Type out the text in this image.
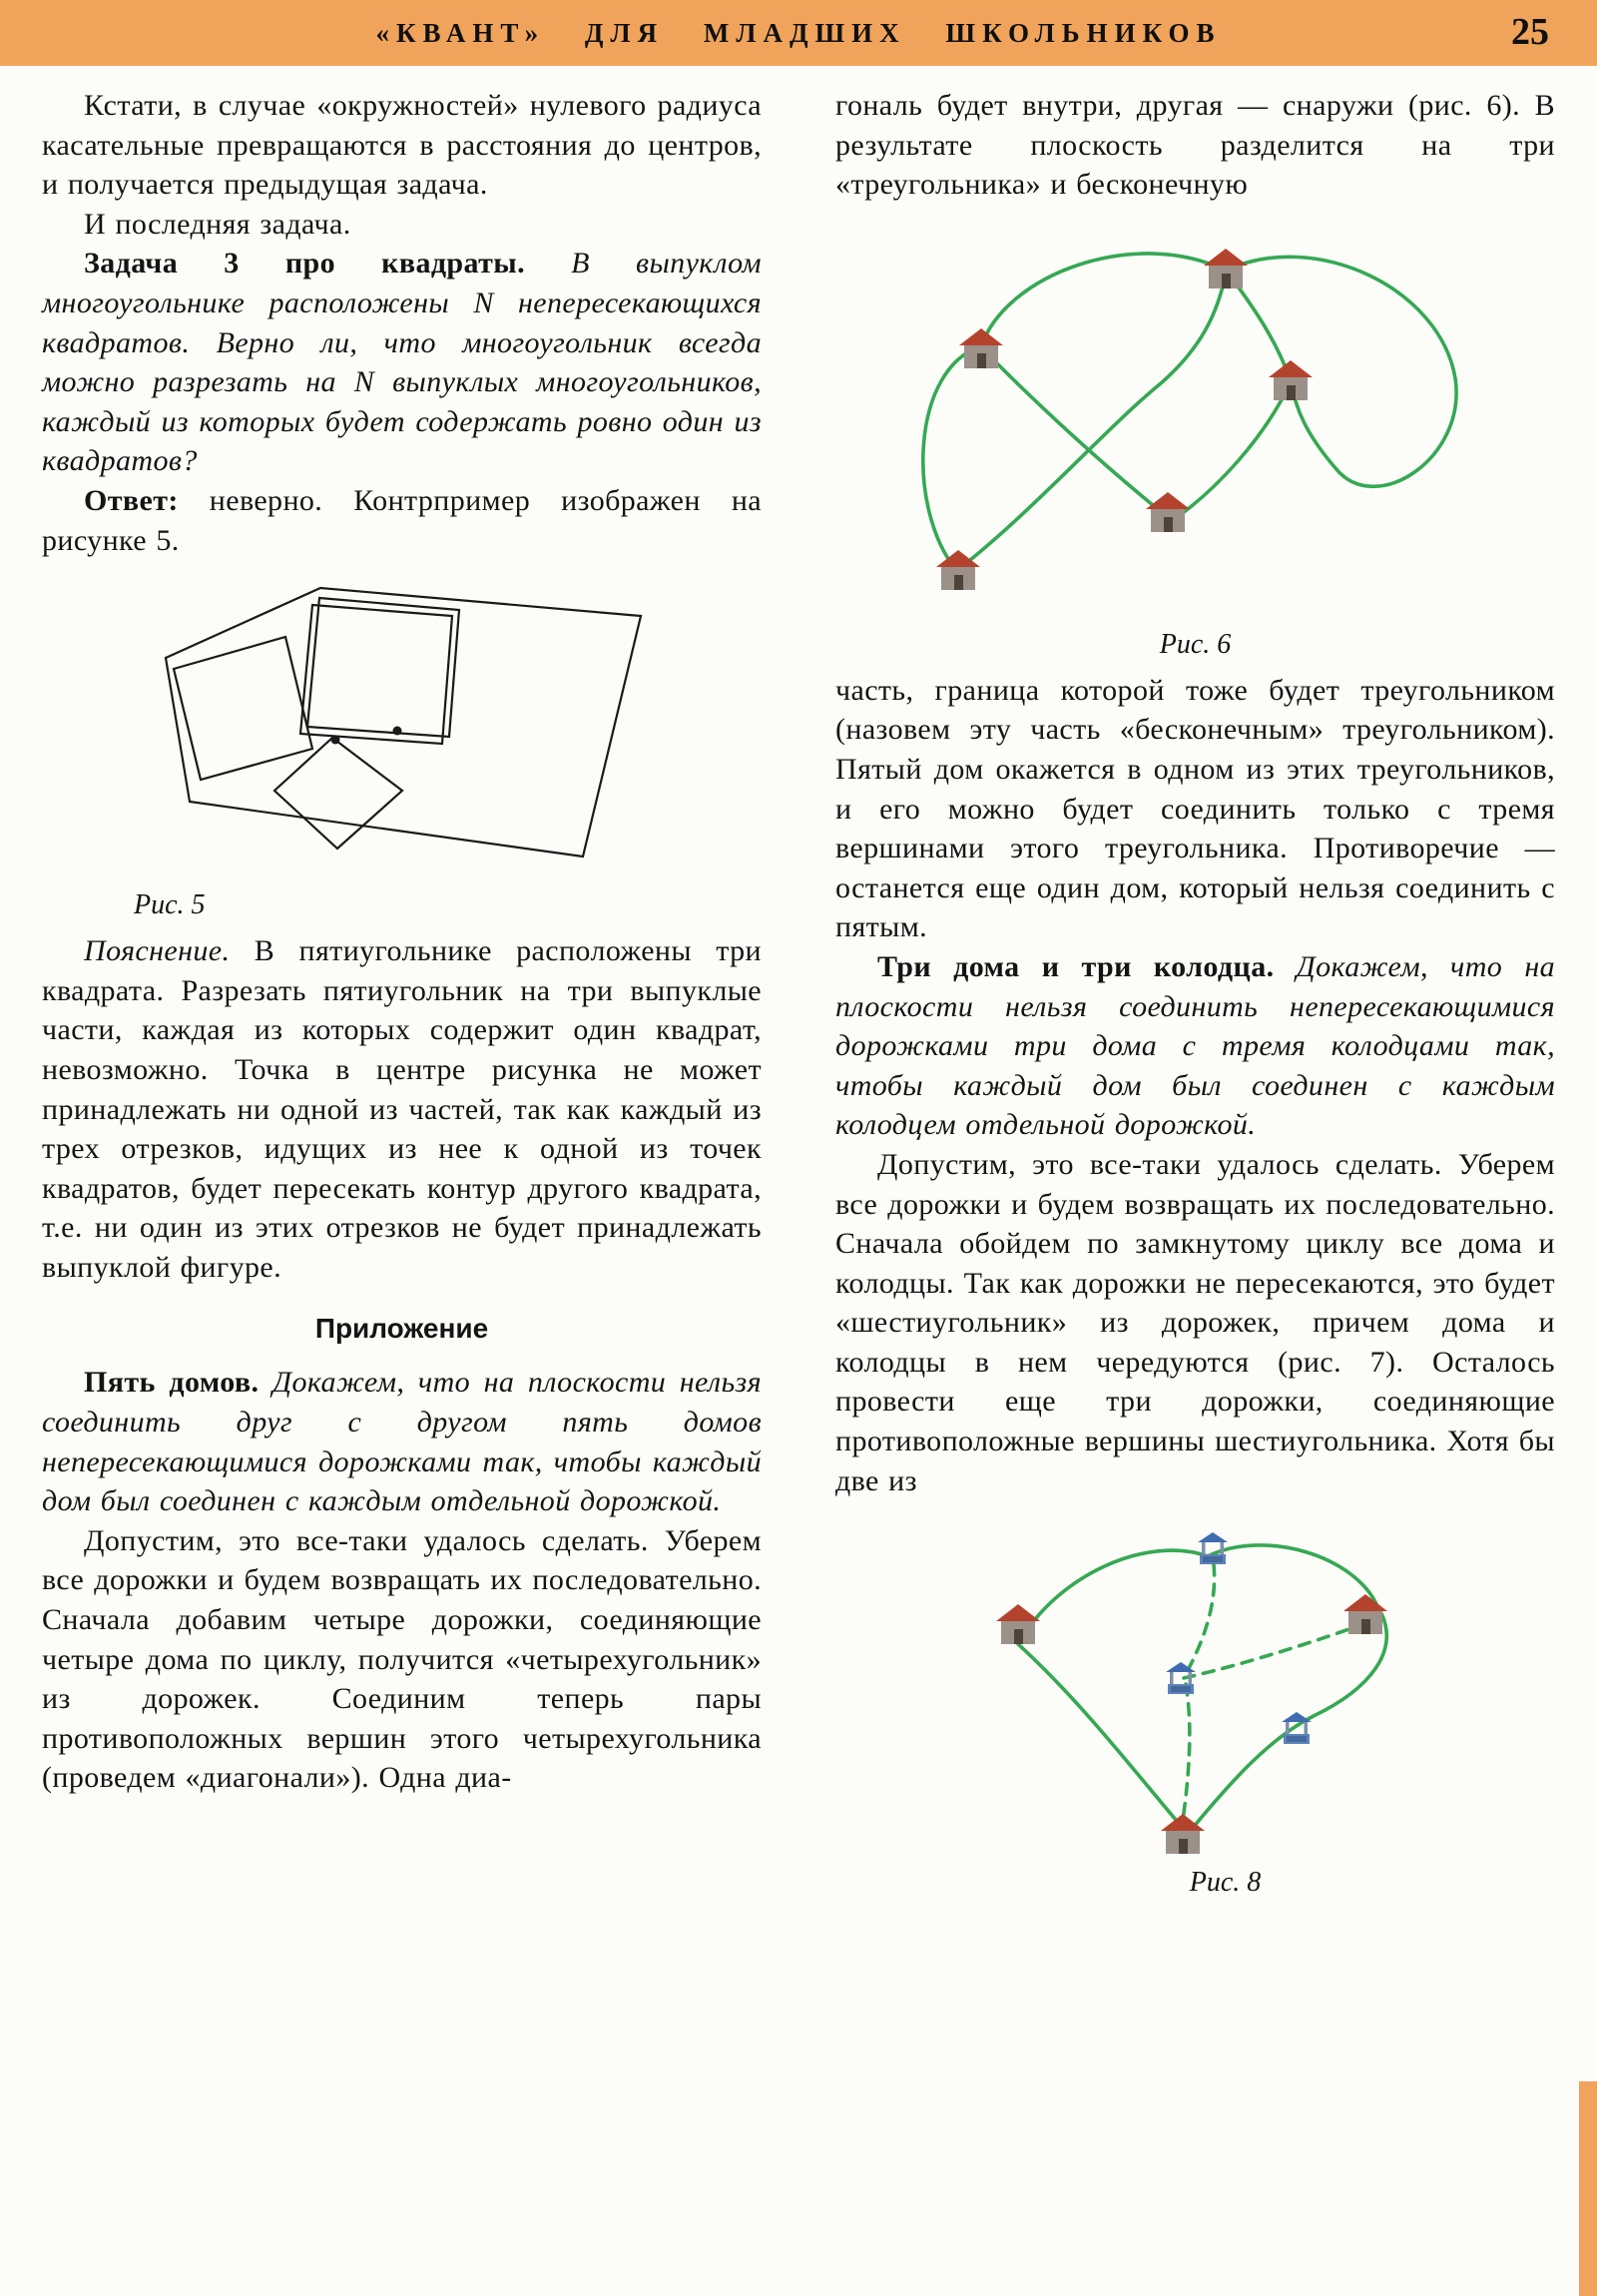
«КВАНТ» ДЛЯ МЛАДШИХ ШКОЛЬНИКОВ	25

Кстати, в случае «окружностей» нулевого радиуса касательные превращаются в расстояния до центров, и получается предыдущая задача.

И последняя задача.

Задача 3 про квадраты. В выпуклом многоугольнике расположены N непересекающихся квадратов. Верно ли, что многоугольник всегда можно разрезать на N выпуклых многоугольников, каждый из которых будет содержать ровно один из квадратов?

Ответ: неверно. Контрпример изображен на рисунке 5.

Рис. 5

Пояснение. В пятиугольнике расположены три квадрата. Разрезать пятиугольник на три выпуклые части, каждая из которых содержит один квадрат, невозможно. Точка в центре рисунка не может принадлежать ни одной из частей, так как каждый из трех отрезков, идущих из нее к одной из точек квадратов, будет пересекать контур другого квадрата, т.е. ни один из этих отрезков не будет принадлежать выпуклой фигуре.

Приложение

Пять домов. Докажем, что на плоскости нельзя соединить друг с другом пять домов непересекающимися дорожками так, чтобы каждый дом был соединен с каждым отдельной дорожкой.

Допустим, это все-таки удалось сделать. Уберем все дорожки и будем возвращать их последовательно. Сначала добавим четыре дорожки, соединяющие четыре дома по циклу, получится «четырехугольник» из дорожек. Соединим теперь пары противоположных вершин этого четырехугольника (проведем «диагонали»). Одна диа-

гональ будет внутри, другая — снаружи (рис. 6). В результате плоскость разделится на три «треугольника» и бесконечную

Рис. 6

часть, граница которой тоже будет треугольником (назовем эту часть «бесконечным» треугольником). Пятый дом окажется в одном из этих треугольников, и его можно будет соединить только с тремя вершинами этого треугольника. Противоречие — останется еще один дом, который нельзя соединить с пятым.

Три дома и три колодца. Докажем, что на плоскости нельзя соединить непересекающимися дорожками три дома с тремя колодцами так, чтобы каждый дом был соединен с каждым колодцем отдельной дорожкой.

Допустим, это все-таки удалось сделать. Уберем все дорожки и будем возвращать их последовательно. Сначала обойдем по замкнутому циклу все дома и колодцы. Так как дорожки не пересекаются, это будет «шестиугольник» из дорожек, причем дома и колодцы в нем чередуются (рис. 7). Осталось провести еще три дорожки, соединяющие противоположные вершины шестиугольника. Хотя бы две из

Рис. 8
